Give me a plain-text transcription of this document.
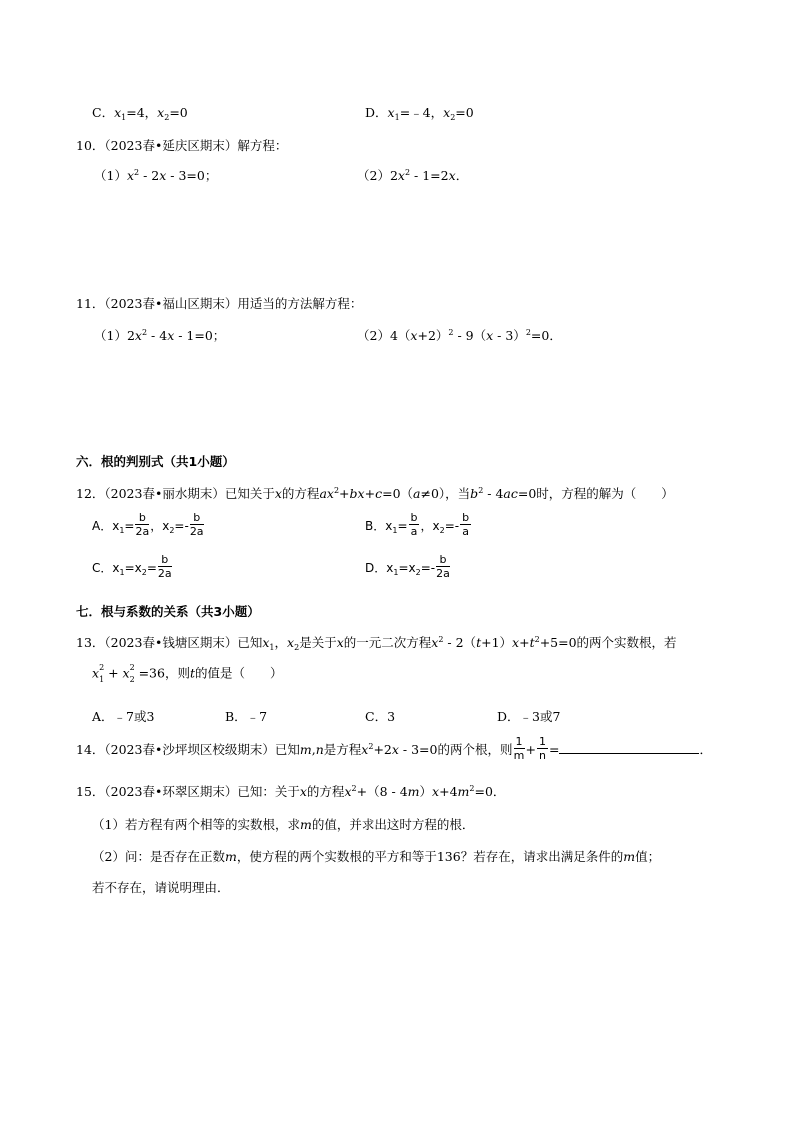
C．$x_1=4$，$x_2=0$	D．$x_1=﹣4$，$x_2=0$
10．（2023春•延庆区期末）解方程：
$(1)x^2 - 2x - 3=0$；	$(2)2x^2 - 1=2x$．
11．（2023春•福山区期末）用适当的方法解方程：
$(1)2x^2 - 4x - 1=0$；	$(2)4(x+2)^2 - 9(x - 3)^2=0$．
六．根的判别式（共1小题）
12．（2023春•丽水期末）已知关于x的方程$ax^2+bx+c=0(a\ne 0)$，当$b^2 - 4ac=0$时，方程的解为（　　）
A．$x_1= \frac{b}{2a}$ ，$x_2=- \frac{b}{2a}$	B．$x_1= \frac{b}{a}$ ，$x_2=- \frac{b}{a}$
C．$x_1=x_2= \frac{b}{2a}$	D．$x_1=x_2=- \frac{b}{2a}$
七．根与系数的关系（共3小题）
13．（2023春•钱塘区期末）已知$x_1$，$x_2$是关于x的一元二次方程$x^2 - 2(t+1)x+t^2+5=0$的两个实数根，若
x 2
1 + x 2
2 =36，则t的值是（　　）
A．﹣7或3	B．﹣7	C．3	D．﹣3或7
14．（2023春•沙坪坝区校级期末）已知m,n是方程$x^2+2x - 3=0$的两个根，则 $\frac{1}{m} + \frac{1}{n}$ =	．
15．（2023春•环翠区期末）已知：关于x的方程$x^2+(8 - 4m)x+4m^2=0$．
（1）若方程有两个相等的实数根，求m的值，并求出这时方程的根．
（2）问：是否存在正数m，使方程的两个实数根的平方和等于136？若存在，请求出满足条件的m值；
若不存在，请说明理由．
